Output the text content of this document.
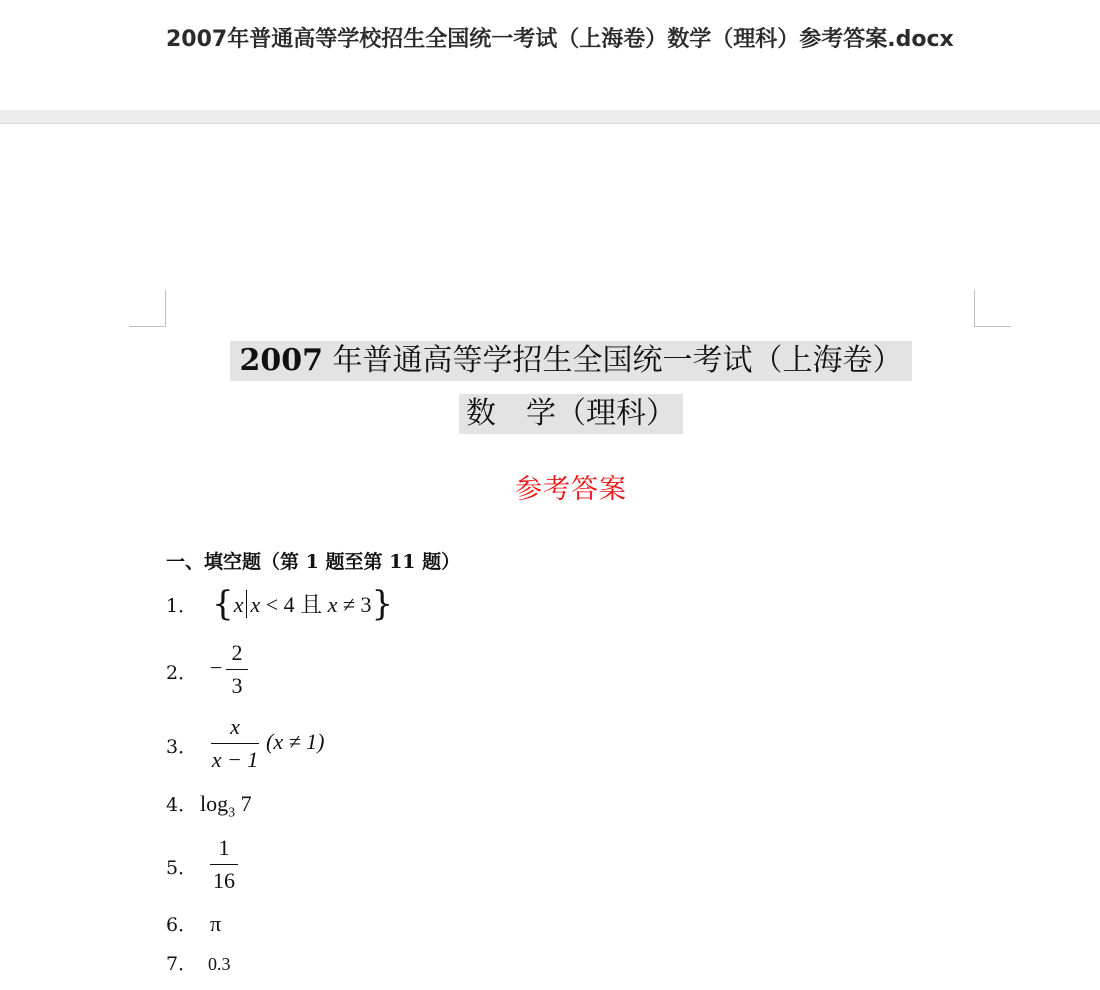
2007年普通高等学校招生全国统一考试（上海卷）数学（理科）参考答案.docx
2007 年普通高等学招生全国统一考试（上海卷）
数　学（理科）
参考答案
一、填空题（第 1 题至第 11 题）
1． {x x < 4 且 x ≠ 3}
2． −
2
3
3．
x
x − 1
(x ≠ 1)
4． $\log_3 7$
5．
1
16
6． π
7． 0.3
